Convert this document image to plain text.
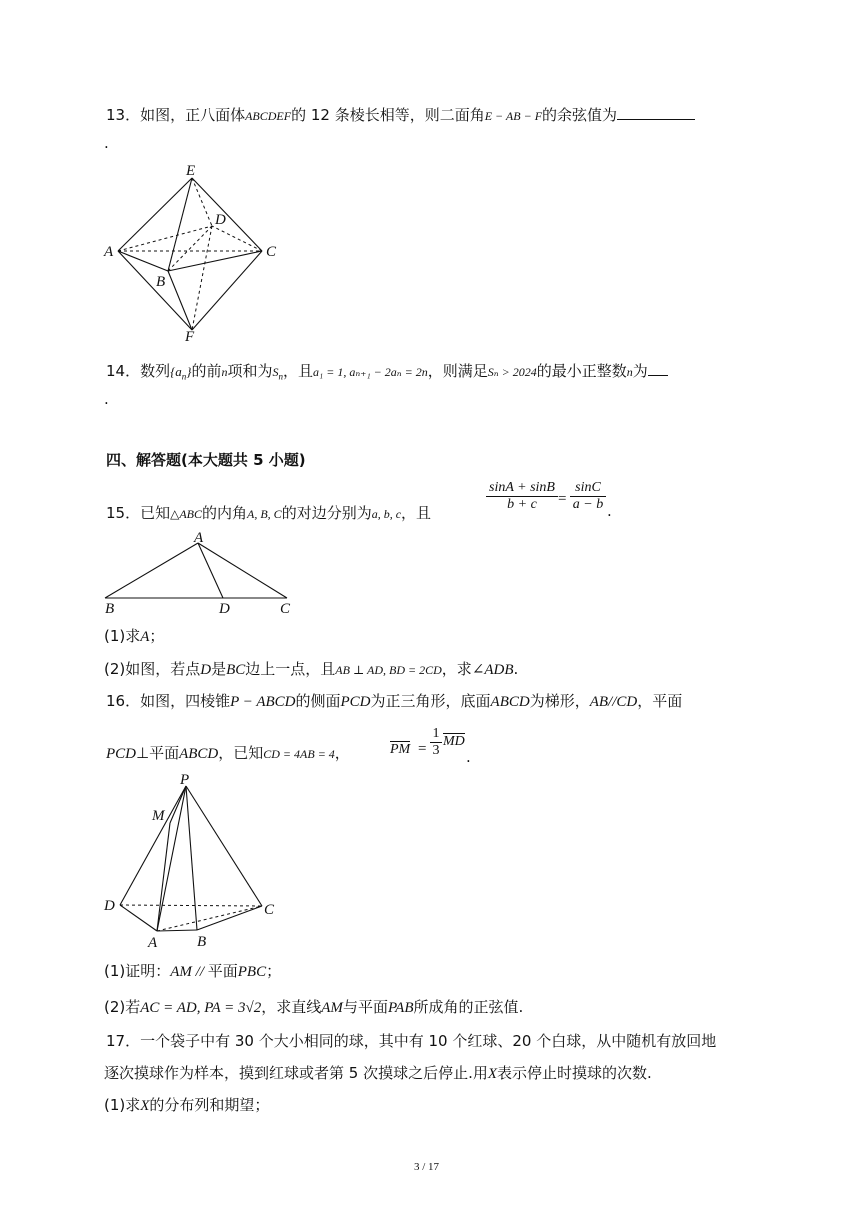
13．如图，正八面体ABCDEF的 12 条棱长相等，则二面角E − AB − F的余弦值为
.
E
D
A	C
B
F
14．数列$\{a_n\}$的前n项和为$S_n$，且a₁ = 1, aₙ₊₁ − 2aₙ = 2n，则满足Sₙ > 2024的最小正整数n为
.
四、解答题(本大题共 5 小题)
15．已知△ABC的内角A, B, C的对边分别为a, b, c，且	$\frac{\sin A + \sin B}{b + c} = \frac{\sin C}{a - b}$ .
A
B	D	C
(1)求A；
(2)如图，若点D是BC边上一点，且AB ⊥ AD, BD = 2CD，求∠ADB.
16．如图，四棱锥P − ABCD的侧面PCD为正三角形，底面ABCD为梯形，AB//CD，平面
PCD⊥平面ABCD，已知CD = 4AB = 4，	PM = $\frac{1}{3}$ MD
.
P
M
D	C
A	B
(1)证明：AM // 平面PBC；
(2)若AC = AD, PA = 3√2，求直线AM与平面PAB所成角的正弦值.
17．一个袋子中有 30 个大小相同的球，其中有 10 个红球、20 个白球，从中随机有放回地
逐次摸球作为样本，摸到红球或者第 5 次摸球之后停止.用X表示停止时摸球的次数.
(1)求X的分布列和期望；
3 / 17
